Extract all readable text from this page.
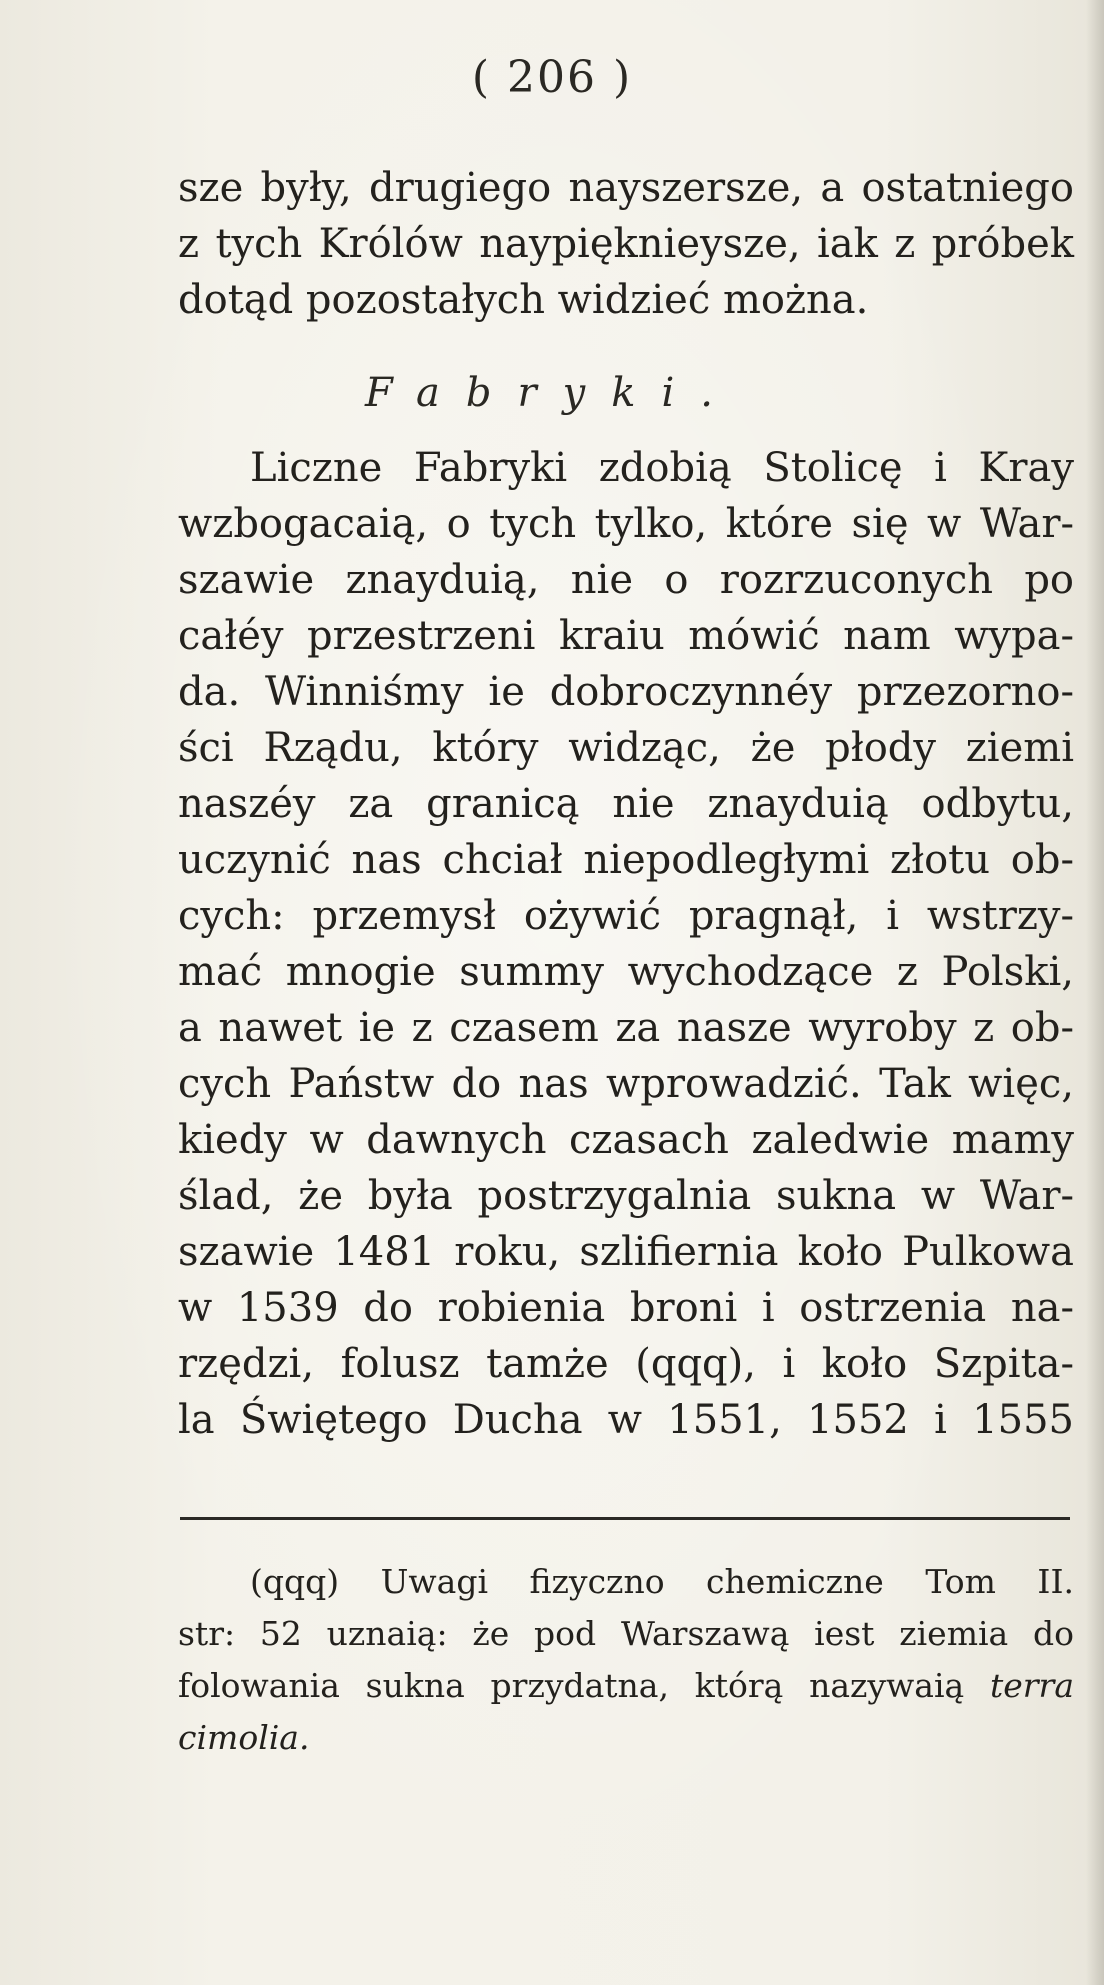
( 206 )
sze były, drugiego nayszersze, a ostatniego
z tych Królów naypięknieysze, iak z próbek
dotąd pozostałych widzieć można.
Fabryki.
Liczne Fabryki zdobią Stolicę i Kray
wzbogacaią, o tych tylko, które się w War-
szawie znayduią, nie o rozrzuconych po
całéy przestrzeni kraiu mówić nam wypa-
da. Winniśmy ie dobroczynnéy przezorno-
ści Rządu, który widząc, że płody ziemi
naszéy za granicą nie znayduią odbytu,
uczynić nas chciał niepodległymi złotu ob-
cych: przemysł ożywić pragnął, i wstrzy-
mać mnogie summy wychodzące z Polski,
a nawet ie z czasem za nasze wyroby z ob-
cych Państw do nas wprowadzić. Tak więc,
kiedy w dawnych czasach zaledwie mamy
ślad, że była postrzygalnia sukna w War-
szawie 1481 roku, szlifiernia koło Pulkowa
w 1539 do robienia broni i ostrzenia na-
rzędzi, folusz tamże (qqq), i koło Szpita-
la Świętego Ducha w 1551, 1552 i 1555
(qqq) Uwagi fizyczno chemiczne Tom II.
str: 52 uznaią: że pod Warszawą iest ziemia do
folowania sukna przydatna, którą nazywaią terra
cimolia.
